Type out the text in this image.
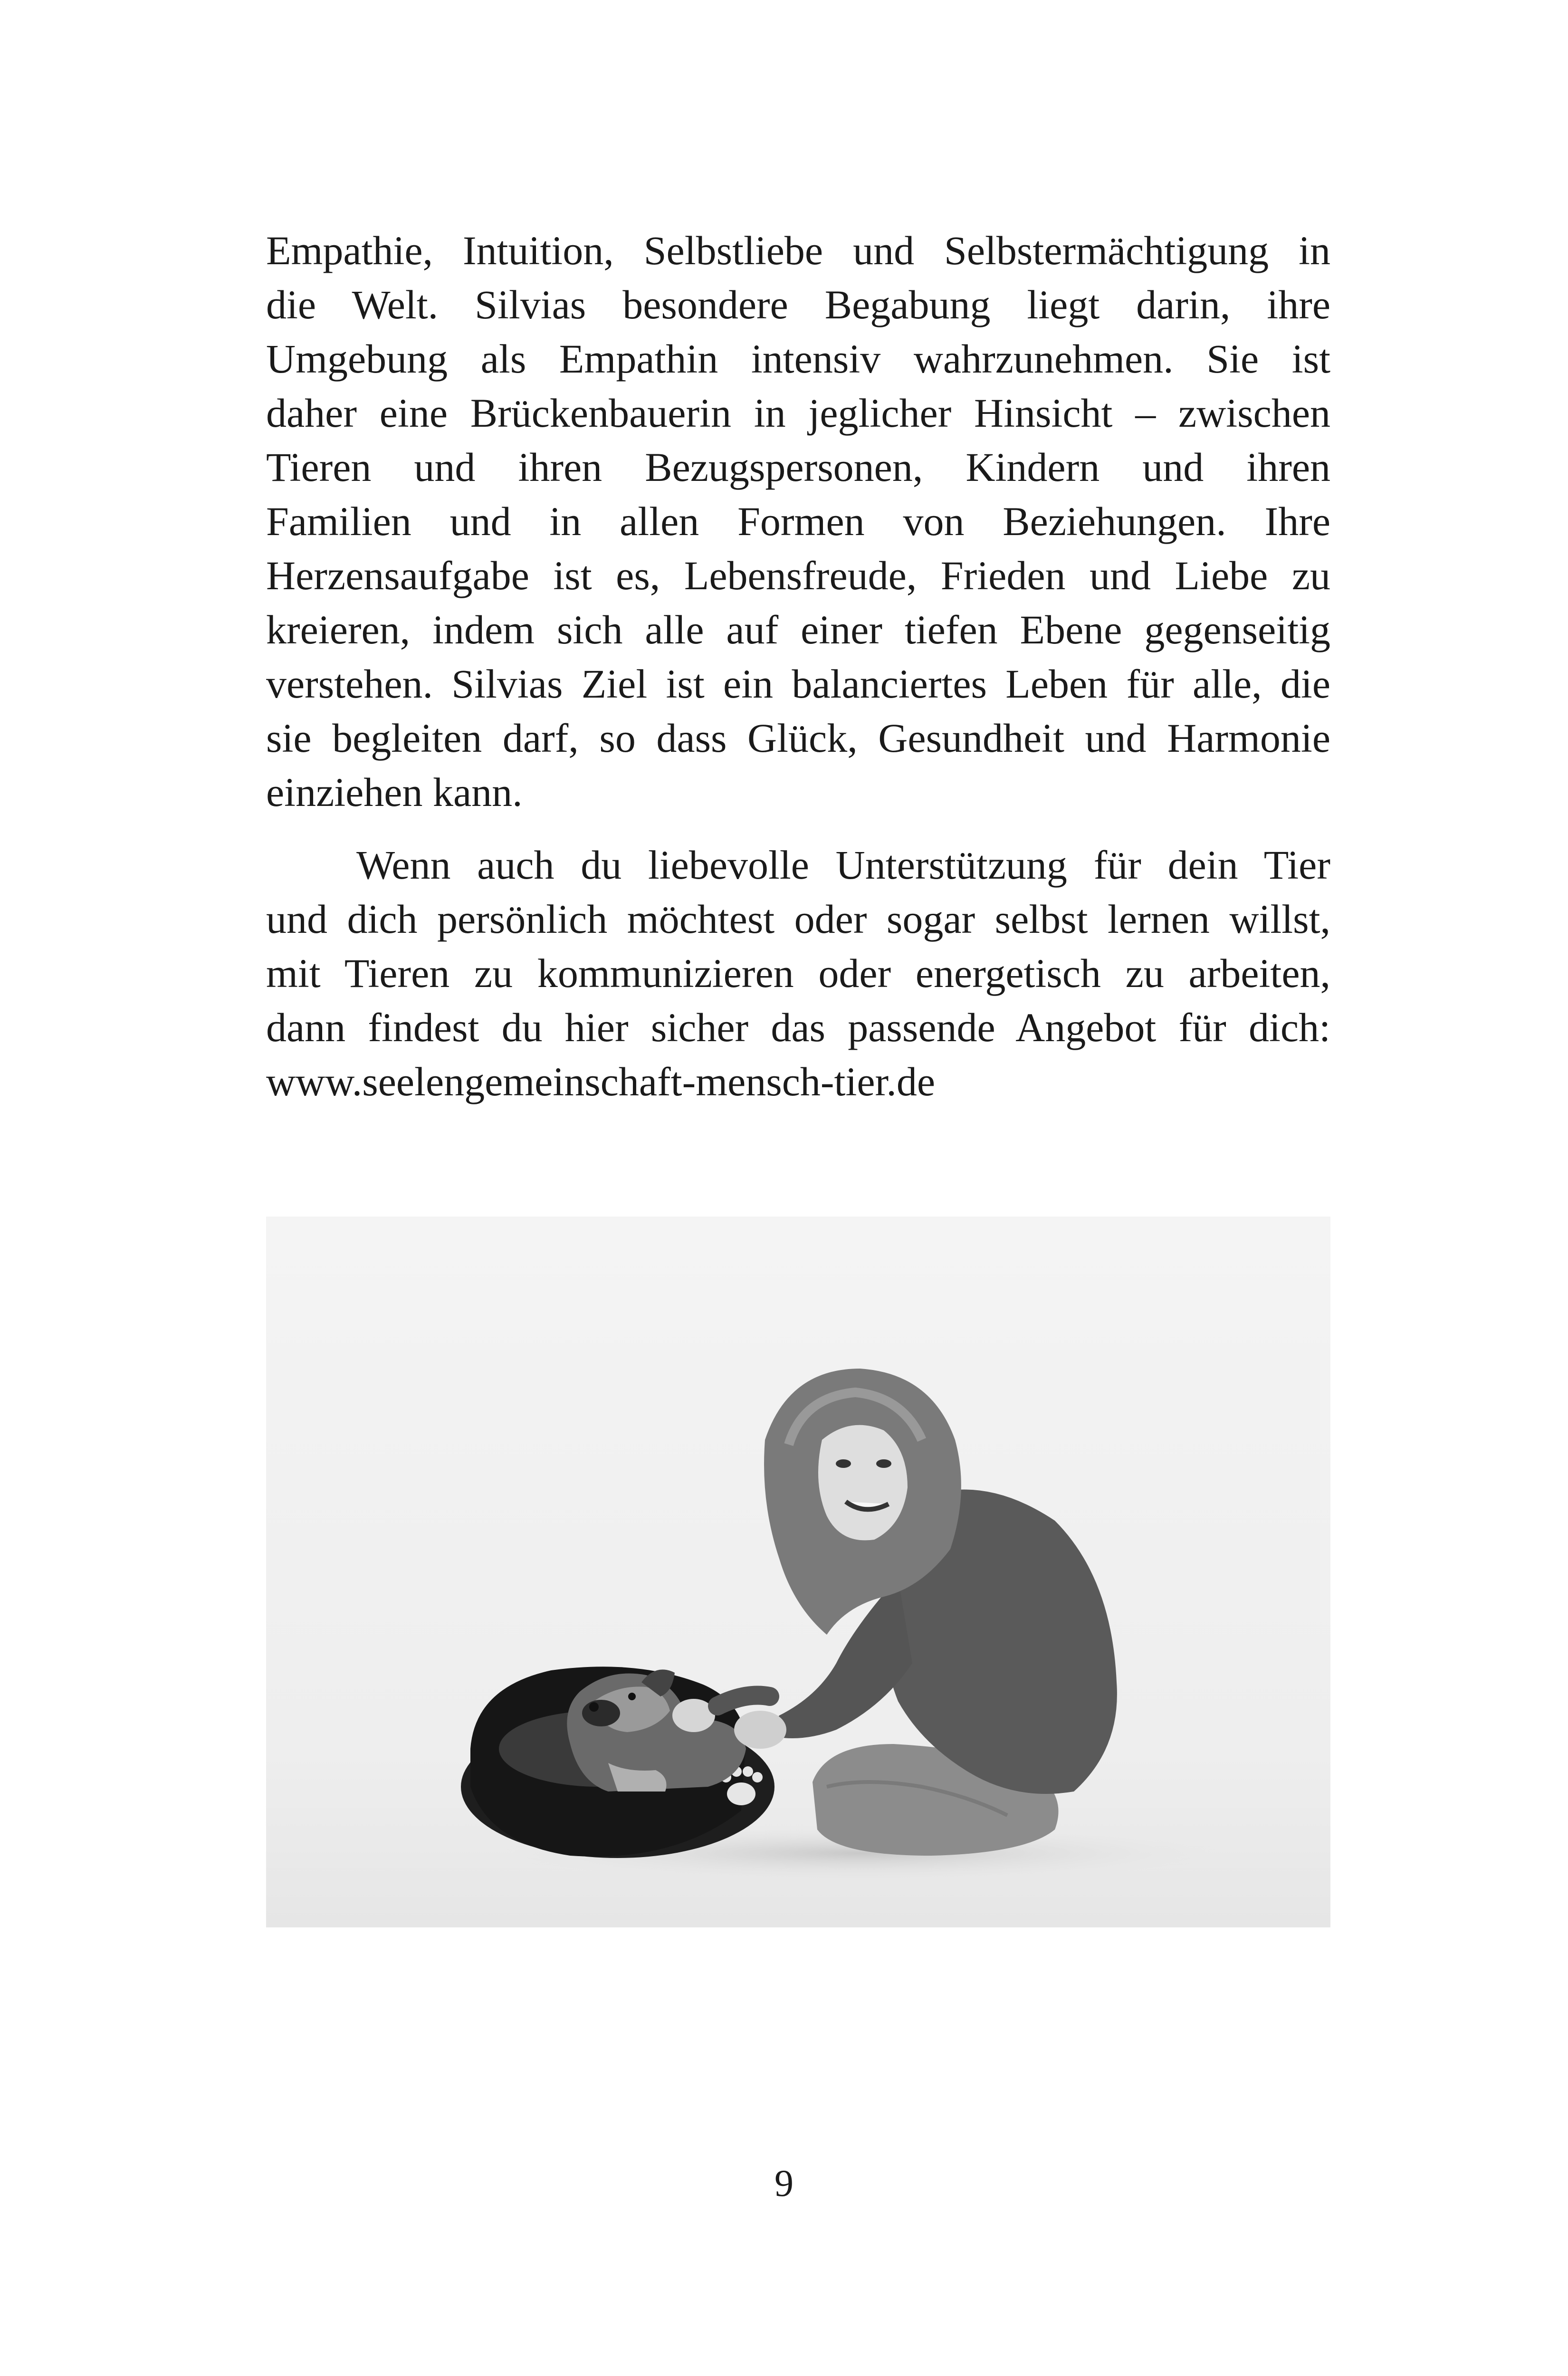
Empathie, Intuition, Selbstliebe und Selbstermächtigung in
die Welt. Silvias besondere Begabung liegt darin, ihre
Umgebung als Empathin intensiv wahrzunehmen. Sie ist
daher eine Brückenbauerin in jeglicher Hinsicht – zwischen
Tieren und ihren Bezugspersonen, Kindern und ihren
Familien und in allen Formen von Beziehungen. Ihre
Herzensaufgabe ist es, Lebensfreude, Frieden und Liebe zu
kreieren, indem sich alle auf einer tiefen Ebene gegenseitig
verstehen. Silvias Ziel ist ein balanciertes Leben für alle, die
sie begleiten darf, so dass Glück, Gesundheit und Harmonie
einziehen kann.

Wenn auch du liebevolle Unterstützung für dein Tier
und dich persönlich möchtest oder sogar selbst lernen willst,
mit Tieren zu kommunizieren oder energetisch zu arbeiten,
dann findest du hier sicher das passende Angebot für dich:
www.seelengemeinschaft-mensch-tier.de

9
